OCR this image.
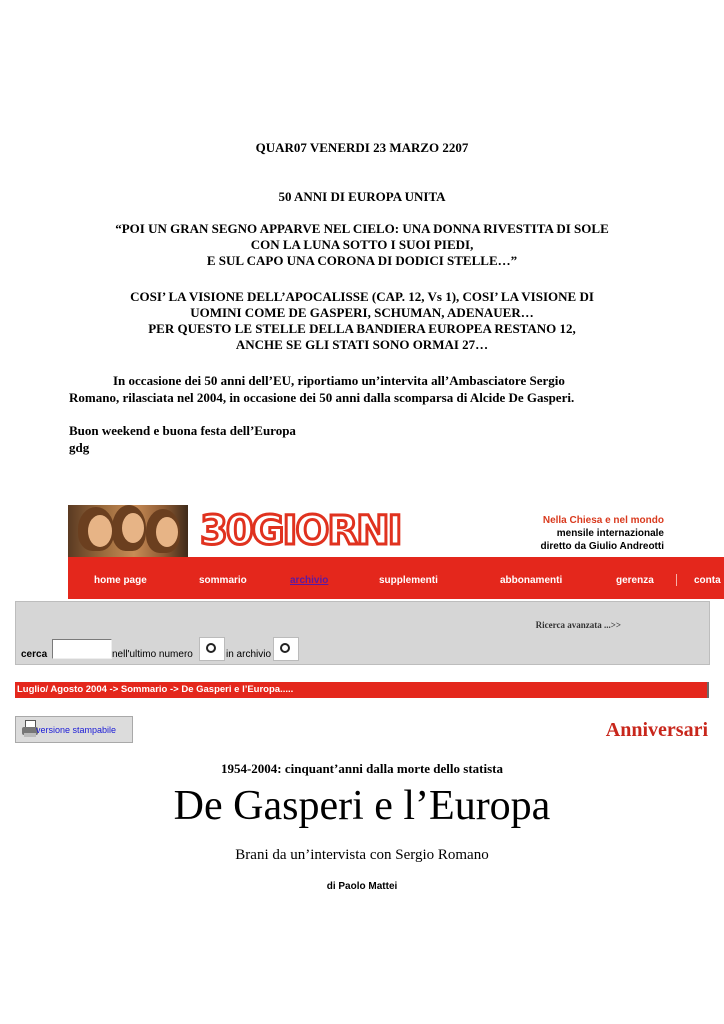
QUAR07 VENERDI 23 MARZO 2207
50 ANNI DI EUROPA UNITA
“POI UN GRAN SEGNO APPARVE NEL CIELO: UNA DONNA RIVESTITA DI SOLE
CON LA LUNA SOTTO I SUOI PIEDI,
E SUL CAPO UNA CORONA DI DODICI STELLE…”
COSI’ LA VISIONE DELL’APOCALISSE (CAP. 12, Vs 1), COSI’ LA VISIONE DI
UOMINI COME DE GASPERI, SCHUMAN, ADENAUER…
PER QUESTO LE STELLE DELLA BANDIERA EUROPEA RESTANO 12,
ANCHE SE GLI STATI SONO ORMAI 27…
In occasione dei 50 anni dell’EU, riportiamo un’intervita all’Ambasciatore Sergio
Romano, rilasciata nel 2004, in occasione dei 50 anni dalla scomparsa di Alcide De Gasperi.
Buon weekend e buona festa dell’Europa
gdg
30GIORNI	Nella Chiesa e nel mondo
mensile internazionale
diretto da Giulio Andreotti
home page	sommario	archivio	supplementi	abbonamenti	gerenza	conta
Ricerca avanzata ...>>
cerca	nell'ultimo numero	in archivio
Luglio/ Agosto 2004 -> Sommario -> De Gasperi e l’Europa.....
versione stampabile	Anniversari
1954-2004: cinquant’anni dalla morte dello statista
De Gasperi e l’Europa
Brani da un’intervista con Sergio Romano
di Paolo Mattei
